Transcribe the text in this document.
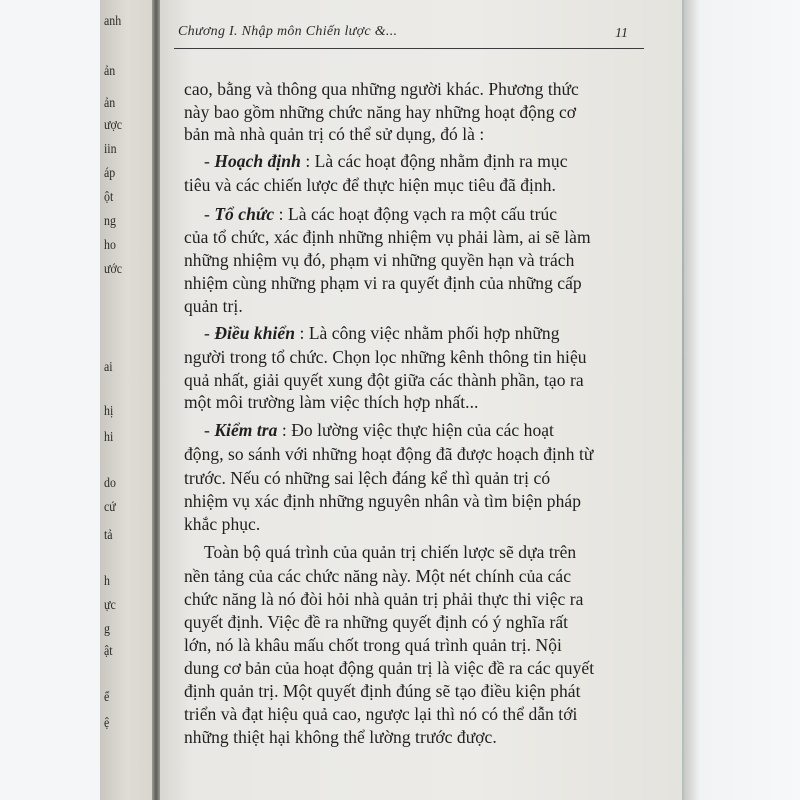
anh
ản
ản
ược
iin
áp
ột
ng
ho
ước
ai
hị
hi
do
cứ
tả
h
ực
g
ật
ể
ệ
Chương I. Nhập môn Chiến lược &...	11
cao, bằng và thông qua những người khác. Phương thức
này bao gồm những chức năng hay những hoạt động cơ
bản mà nhà quản trị có thể sử dụng, đó là :
- Hoạch định : Là các hoạt động nhằm định ra mục
tiêu và các chiến lược để thực hiện mục tiêu đã định.
- Tổ chức : Là các hoạt động vạch ra một cấu trúc
của tổ chức, xác định những nhiệm vụ phải làm, ai sẽ làm
những nhiệm vụ đó, phạm vi những quyền hạn và trách
nhiệm cùng những phạm vi ra quyết định của những cấp
quản trị.
- Điều khiển : Là công việc nhằm phối hợp những
người trong tổ chức. Chọn lọc những kênh thông tin hiệu
quả nhất, giải quyết xung đột giữa các thành phần, tạo ra
một môi trường làm việc thích hợp nhất...
- Kiểm tra : Đo lường việc thực hiện của các hoạt
động, so sánh với những hoạt động đã được hoạch định từ
trước. Nếu có những sai lệch đáng kể thì quản trị có
nhiệm vụ xác định những nguyên nhân và tìm biện pháp
khắc phục.
Toàn bộ quá trình của quản trị chiến lược sẽ dựa trên
nền tảng của các chức năng này. Một nét chính của các
chức năng là nó đòi hỏi nhà quản trị phải thực thi việc ra
quyết định. Việc đề ra những quyết định có ý nghĩa rất
lớn, nó là khâu mấu chốt trong quá trình quản trị. Nội
dung cơ bản của hoạt động quản trị là việc đề ra các quyết
định quản trị. Một quyết định đúng sẽ tạo điều kiện phát
triển và đạt hiệu quả cao, ngược lại thì nó có thể dẫn tới
những thiệt hại không thể lường trước được.
